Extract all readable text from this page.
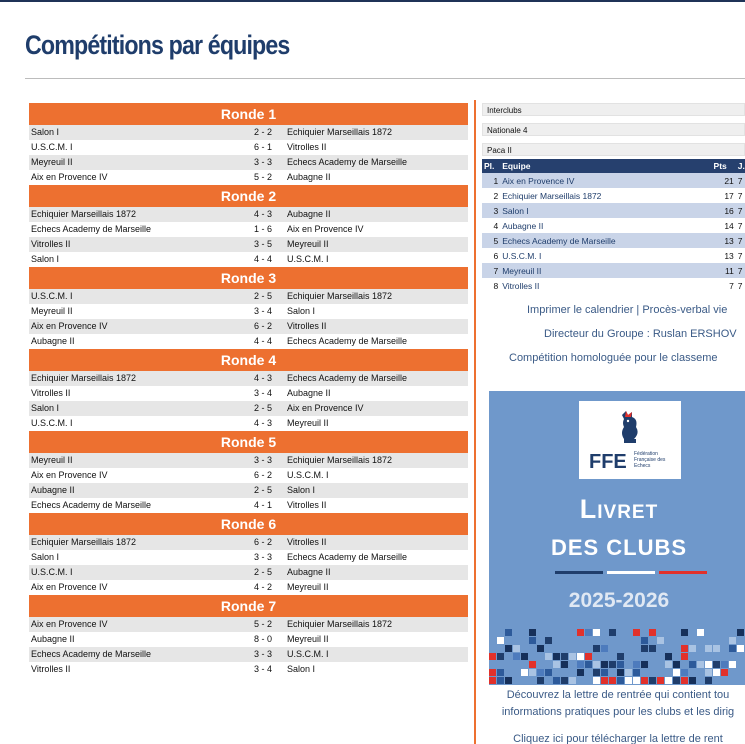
Compétitions par équipes
Ronde 1
Salon I	2 - 2	Echiquier Marseillais 1872
U.S.C.M. I	6 - 1	Vitrolles II
Meyreuil II	3 - 3	Echecs Academy de Marseille
Aix en Provence IV	5 - 2	Aubagne II
Ronde 2
Echiquier Marseillais 1872	4 - 3	Aubagne II
Echecs Academy de Marseille	1 - 6	Aix en Provence IV
Vitrolles II	3 - 5	Meyreuil II
Salon I	4 - 4	U.S.C.M. I
Ronde 3
U.S.C.M. I	2 - 5	Echiquier Marseillais 1872
Meyreuil II	3 - 4	Salon I
Aix en Provence IV	6 - 2	Vitrolles II
Aubagne II	4 - 4	Echecs Academy de Marseille
Ronde 4
Echiquier Marseillais 1872	4 - 3	Echecs Academy de Marseille
Vitrolles II	3 - 4	Aubagne II
Salon I	2 - 5	Aix en Provence IV
U.S.C.M. I	4 - 3	Meyreuil II
Ronde 5
Meyreuil II	3 - 3	Echiquier Marseillais 1872
Aix en Provence IV	6 - 2	U.S.C.M. I
Aubagne II	2 - 5	Salon I
Echecs Academy de Marseille	4 - 1	Vitrolles II
Ronde 6
Echiquier Marseillais 1872	6 - 2	Vitrolles II
Salon I	3 - 3	Echecs Academy de Marseille
U.S.C.M. I	2 - 5	Aubagne II
Aix en Provence IV	4 - 2	Meyreuil II
Ronde 7
Aix en Provence IV	5 - 2	Echiquier Marseillais 1872
Aubagne II	8 - 0	Meyreuil II
Echecs Academy de Marseille	3 - 3	U.S.C.M. I
Vitrolles II	3 - 4	Salon I
Interclubs
Nationale 4
Paca II
Pl.	Equipe	Pts	J.
1	Aix en Provence IV	21	7
2	Echiquier Marseillais 1872	17	7
3	Salon I	16	7
4	Aubagne II	14	7
5	Echecs Academy de Marseille	13	7
6	U.S.C.M. I	13	7
7	Meyreuil II	11	7
8	Vitrolles II	7	7
Imprimer le calendrier | Procès-verbal vie
Directeur du Groupe : Ruslan ERSHOV
Compétition homologuée pour le classeme
FFE Fédération Française des Echecs
Livret
DES CLUBS
2025-2026
Découvrez la lettre de rentrée qui contient tou
informations pratiques pour les clubs et les dirig
Cliquez ici pour télécharger la lettre de rent
